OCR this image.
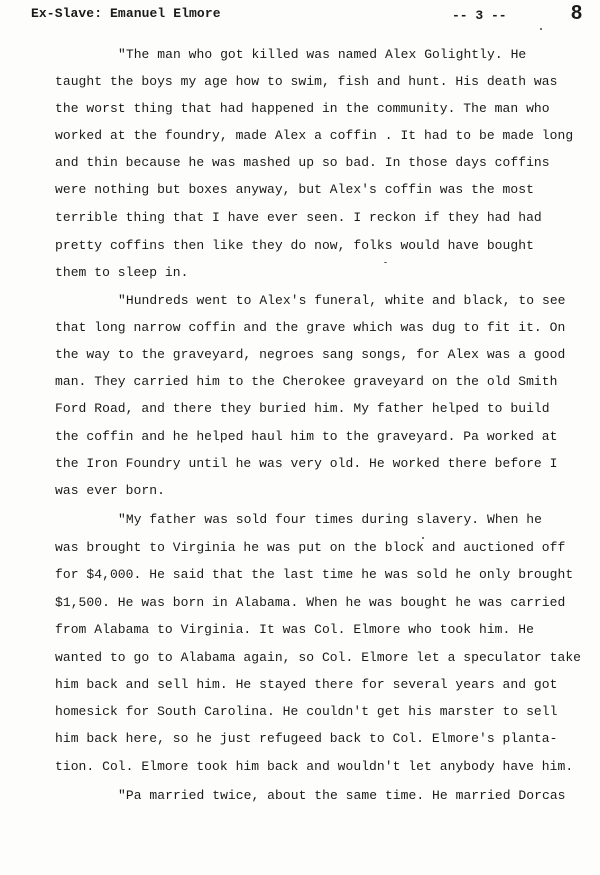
Ex-Slave: Emanuel Elmore	-- 3 --	8
"The man who got killed was named Alex Golightly. He
taught the boys my age how to swim, fish and hunt. His death was
the worst thing that had happened in the community. The man who
worked at the foundry, made Alex a coffin . It had to be made long
and thin because he was mashed up so bad. In those days coffins
were nothing but boxes anyway, but Alex's coffin was the most
terrible thing that I have ever seen. I reckon if they had had
pretty coffins then like they do now, folks would have bought
them to sleep in.
"Hundreds went to Alex's funeral, white and black, to see
that long narrow coffin and the grave which was dug to fit it. On
the way to the graveyard, negroes sang songs, for Alex was a good
man. They carried him to the Cherokee graveyard on the old Smith
Ford Road, and there they buried him. My father helped to build
the coffin and he helped haul him to the graveyard. Pa worked at
the Iron Foundry until he was very old. He worked there before I
was ever born.
"My father was sold four times during slavery. When he
was brought to Virginia he was put on the block and auctioned off
for $4,000. He said that the last time he was sold he only brought
$1,500. He was born in Alabama. When he was bought he was carried
from Alabama to Virginia. It was Col. Elmore who took him. He
wanted to go to Alabama again, so Col. Elmore let a speculator take
him back and sell him. He stayed there for several years and got
homesick for South Carolina. He couldn't get his marster to sell
him back here, so he just refugeed back to Col. Elmore's planta-
tion. Col. Elmore took him back and wouldn't let anybody have him.
"Pa married twice, about the same time. He married Dorcas
